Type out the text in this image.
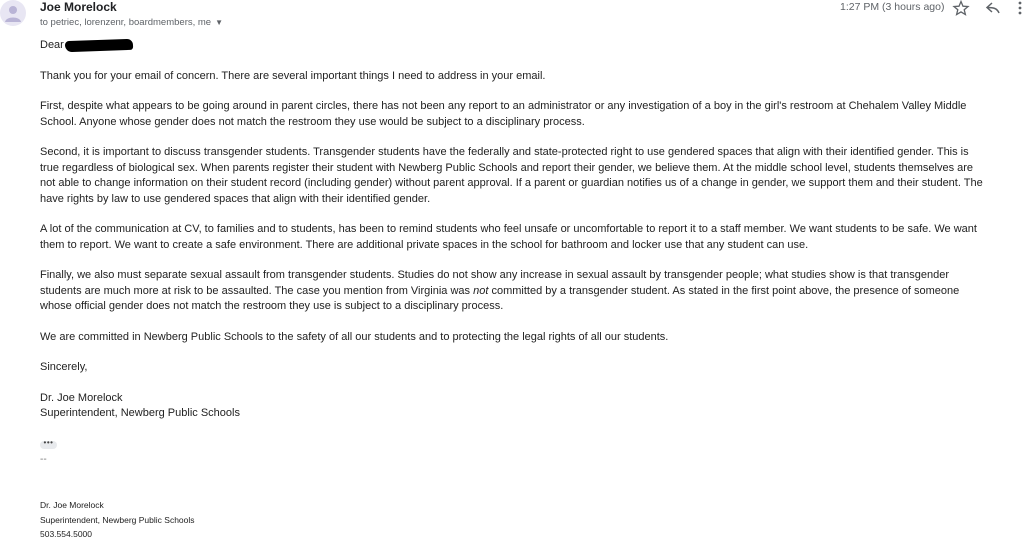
Joe Morelock
to petriec, lorenzenr, boardmembers, me ▼
1:27 PM (3 hours ago)

Dear

Thank you for your email of concern. There are several important things I need to address in your email.

First, despite what appears to be going around in parent circles, there has not been any report to an administrator or any investigation of a boy in the girl's restroom at Chehalem Valley Middle

School. Anyone whose gender does not match the restroom they use would be subject to a disciplinary process.

Second, it is important to discuss transgender students. Transgender students have the federally and state-protected right to use gendered spaces that align with their identified gender. This is

true regardless of biological sex. When parents register their student with Newberg Public Schools and report their gender, we believe them. At the middle school level, students themselves are

not able to change information on their student record (including gender) without parent approval. If a parent or guardian notifies us of a change in gender, we support them and their student. The

have rights by law to use gendered spaces that align with their identified gender.

A lot of the communication at CV, to families and to students, has been to remind students who feel unsafe or uncomfortable to report it to a staff member. We want students to be safe. We want

them to report. We want to create a safe environment. There are additional private spaces in the school for bathroom and locker use that any student can use.

Finally, we also must separate sexual assault from transgender students. Studies do not show any increase in sexual assault by transgender people; what studies show is that transgender

students are much more at risk to be assaulted. The case you mention from Virginia was not committed by a transgender student. As stated in the first point above, the presence of someone

whose official gender does not match the restroom they use is subject to a disciplinary process.

We are committed in Newberg Public Schools to the safety of all our students and to protecting the legal rights of all our students.

Sincerely,

Dr. Joe Morelock

Superintendent, Newberg Public Schools

•••
--
Dr. Joe Morelock
Superintendent, Newberg Public Schools
503.554.5000
